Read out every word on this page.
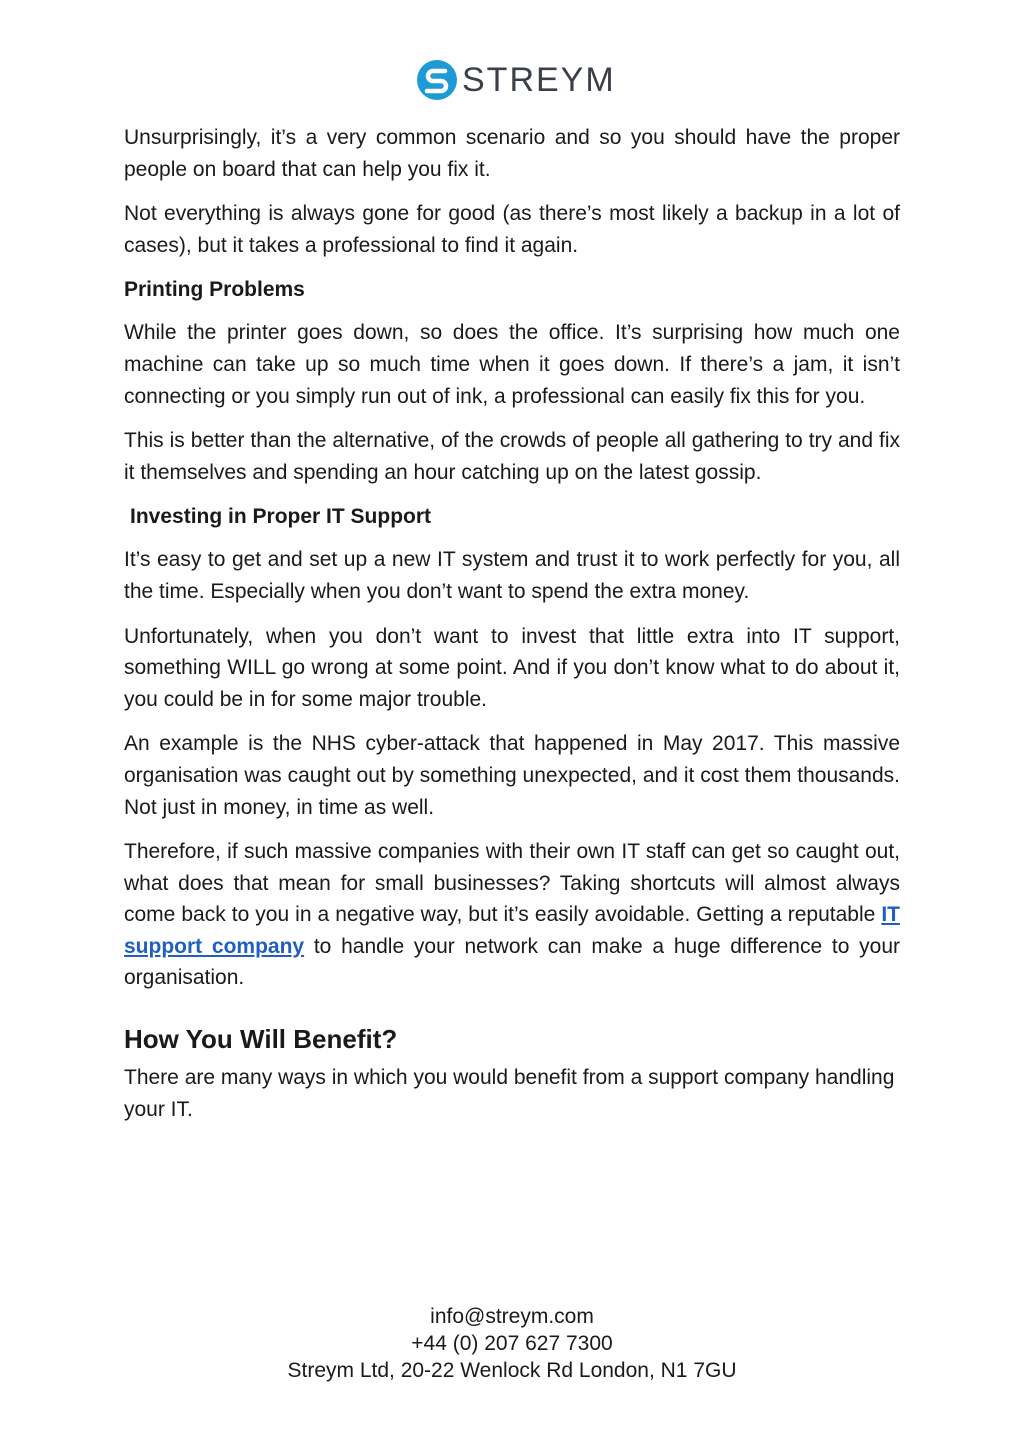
STREYM

Unsurprisingly, it’s a very common scenario and so you should have the proper people on board that can help you fix it.

Not everything is always gone for good (as there’s most likely a backup in a lot of cases), but it takes a professional to find it again.

Printing Problems

While the printer goes down, so does the office. It’s surprising how much one machine can take up so much time when it goes down. If there’s a jam, it isn’t connecting or you simply run out of ink, a professional can easily fix this for you.

This is better than the alternative, of the crowds of people all gathering to try and fix it themselves and spending an hour catching up on the latest gossip.

Investing in Proper IT Support

It’s easy to get and set up a new IT system and trust it to work perfectly for you, all the time. Especially when you don’t want to spend the extra money.

Unfortunately, when you don’t want to invest that little extra into IT support, something WILL go wrong at some point. And if you don’t know what to do about it, you could be in for some major trouble.

An example is the NHS cyber-attack that happened in May 2017. This massive organisation was caught out by something unexpected, and it cost them thousands. Not just in money, in time as well.

Therefore, if such massive companies with their own IT staff can get so caught out, what does that mean for small businesses? Taking shortcuts will almost always come back to you in a negative way, but it’s easily avoidable. Getting a reputable IT support company to handle your network can make a huge difference to your organisation.

How You Will Benefit?

There are many ways in which you would benefit from a support company handling your IT.

info@streym.com
+44 (0) 207 627 7300
Streym Ltd, 20-22 Wenlock Rd London, N1 7GU
